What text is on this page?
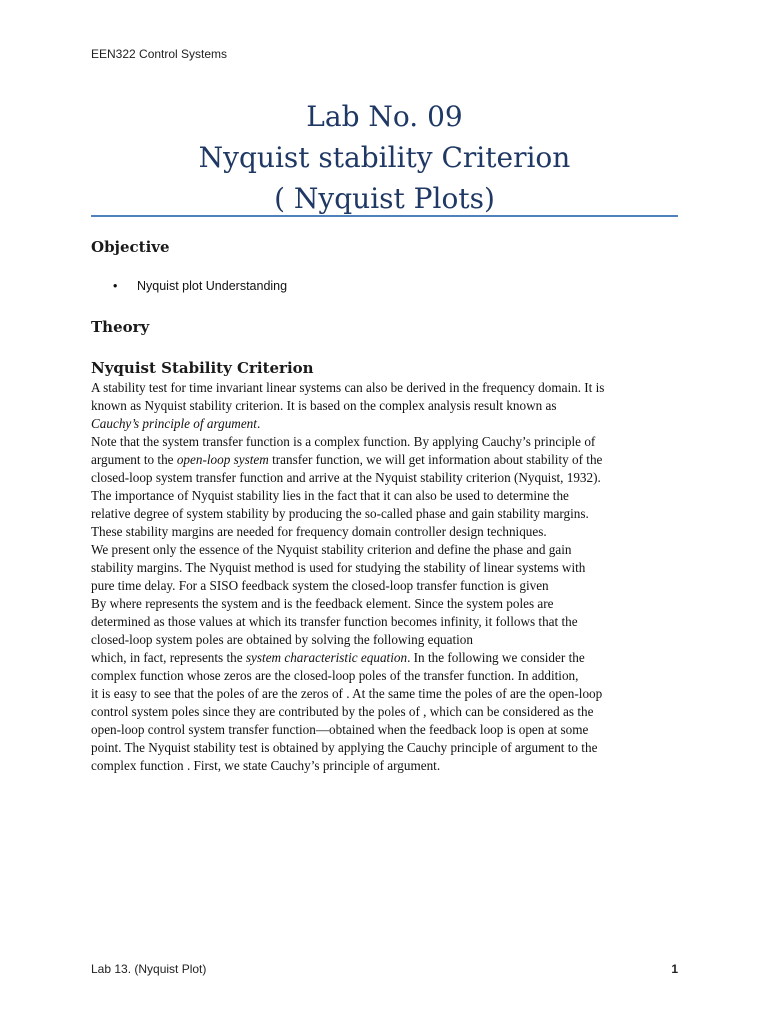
EEN322 Control Systems
Lab No. 09
Nyquist stability Criterion
( Nyquist Plots)
Objective
• Nyquist plot Understanding
Theory
Nyquist Stability Criterion
A stability test for time invariant linear systems can also be derived in the frequency domain. It is
known as Nyquist stability criterion. It is based on the complex analysis result known as
Cauchy’s principle of argument.
Note that the system transfer function is a complex function. By applying Cauchy’s principle of
argument to the open-loop system transfer function, we will get information about stability of the
closed-loop system transfer function and arrive at the Nyquist stability criterion (Nyquist, 1932).
The importance of Nyquist stability lies in the fact that it can also be used to determine the
relative degree of system stability by producing the so-called phase and gain stability margins.
These stability margins are needed for frequency domain controller design techniques.
We present only the essence of the Nyquist stability criterion and define the phase and gain
stability margins. The Nyquist method is used for studying the stability of linear systems with
pure time delay. For a SISO feedback system the closed-loop transfer function is given
By where represents the system and is the feedback element. Since the system poles are
determined as those values at which its transfer function becomes infinity, it follows that the
closed-loop system poles are obtained by solving the following equation
which, in fact, represents the system characteristic equation. In the following we consider the
complex function whose zeros are the closed-loop poles of the transfer function. In addition,
it is easy to see that the poles of are the zeros of . At the same time the poles of are the open-loop
control system poles since they are contributed by the poles of , which can be considered as the
open-loop control system transfer function—obtained when the feedback loop is open at some
point. The Nyquist stability test is obtained by applying the Cauchy principle of argument to the
complex function . First, we state Cauchy’s principle of argument.
Lab 13. (Nyquist Plot)	1
